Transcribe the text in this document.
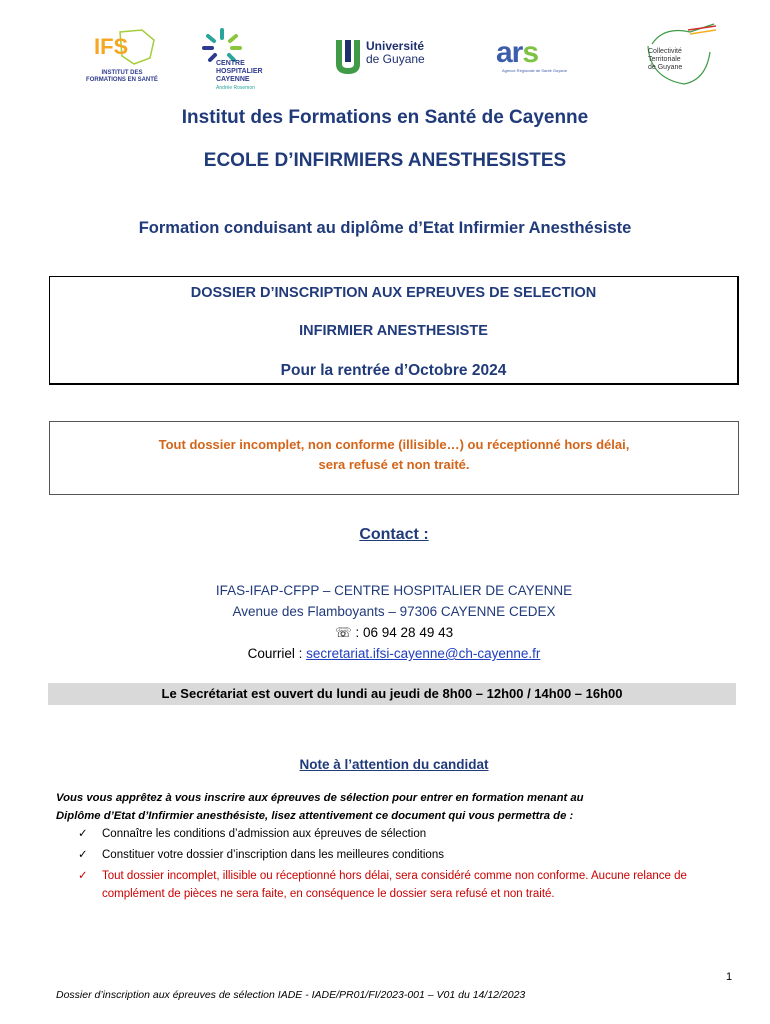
IFS
INSTITUT DES FORMATIONS EN SANTÉ
CENTRE
HOSPITALIER
CAYENNE
Andrée Rosemon
Université
de Guyane ars
Agence Régionale de Santé Guyane
Collectivité
Territoriale
de Guyane
Institut des Formations en Santé de Cayenne
ECOLE D’INFIRMIERS ANESTHESISTES
Formation conduisant au diplôme d’Etat Infirmier Anesthésiste
DOSSIER D’INSCRIPTION AUX EPREUVES DE SELECTION
INFIRMIER ANESTHESISTE
Pour la rentrée d’Octobre 2024
Tout dossier incomplet, non conforme (illisible…) ou réceptionné hors délai,
sera refusé et non traité.
Contact :
IFAS-IFAP-CFPP – CENTRE HOSPITALIER DE CAYENNE
Avenue des Flamboyants – 97306 CAYENNE CEDEX
☏ : 06 94 28 49 43
Courriel : secretariat.ifsi-cayenne@ch-cayenne.fr
Le Secrétariat est ouvert du lundi au jeudi de 8h00 – 12h00 / 14h00 – 16h00
Note à l’attention du candidat
Vous vous apprêtez à vous inscrire aux épreuves de sélection pour entrer en formation menant au
Diplôme d’Etat d’Infirmier anesthésiste, lisez attentivement ce document qui vous permettra de :
✓ Connaître les conditions d’admission aux épreuves de sélection
✓ Constituer votre dossier d’inscription dans les meilleures conditions
✓ Tout dossier incomplet, illisible ou réceptionné hors délai, sera considéré comme non conforme. Aucune relance de complément de pièces ne sera faite, en conséquence le dossier sera refusé et non traité.
1
Dossier d’inscription aux épreuves de sélection IADE - IADE/PR01/FI/2023-001 – V01 du 14/12/2023
